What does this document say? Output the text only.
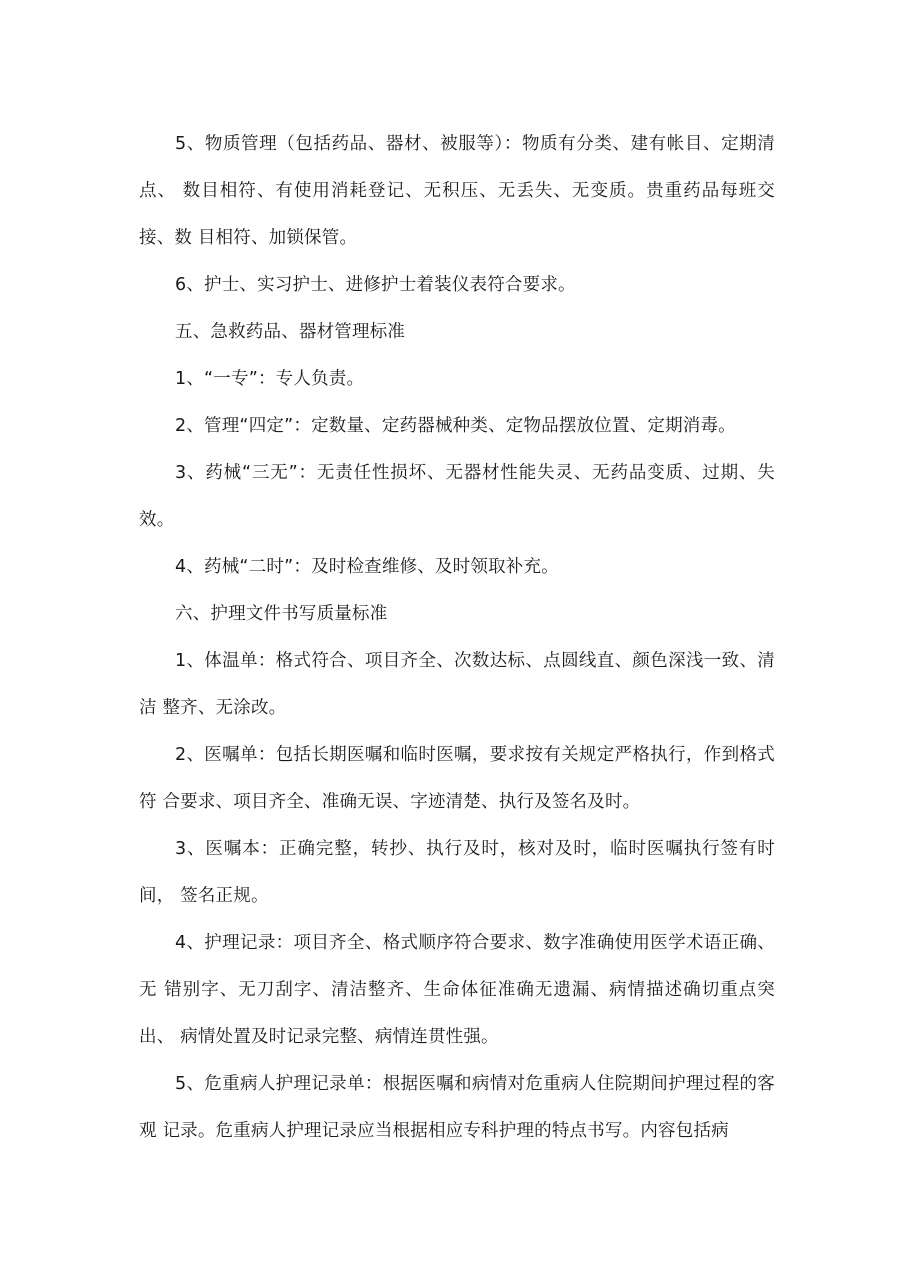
5、物质管理（包括药品、器材、被服等）：物质有分类、建有帐目、定期清点、 数目相符、有使用消耗登记、无积压、无丢失、无变质。贵重药品每班交接、数 目相符、加锁保管。

6、护士、实习护士、进修护士着装仪表符合要求。

五、急救药品、器材管理标准

1、“一专”：专人负责。

2、管理“四定”：定数量、定药器械种类、定物品摆放位置、定期消毒。

3、药械“三无”：无责任性损坏、无器材性能失灵、无药品变质、过期、失效。

4、药械“二时”：及时检查维修、及时领取补充。

六、护理文件书写质量标准

1、体温单：格式符合、项目齐全、次数达标、点圆线直、颜色深浅一致、清洁 整齐、无涂改。

2、医嘱单：包括长期医嘱和临时医嘱，要求按有关规定严格执行，作到格式符 合要求、项目齐全、准确无误、字迹清楚、执行及签名及时。

3、医嘱本：正确完整，转抄、执行及时，核对及时，临时医嘱执行签有时间， 签名正规。

4、护理记录：项目齐全、格式顺序符合要求、数字准确使用医学术语正确、无 错别字、无刀刮字、清洁整齐、生命体征准确无遗漏、病情描述确切重点突出、 病情处置及时记录完整、病情连贯性强。

5、危重病人护理记录单：根据医嘱和病情对危重病人住院期间护理过程的客观 记录。危重病人护理记录应当根据相应专科护理的特点书写。内容包括病
